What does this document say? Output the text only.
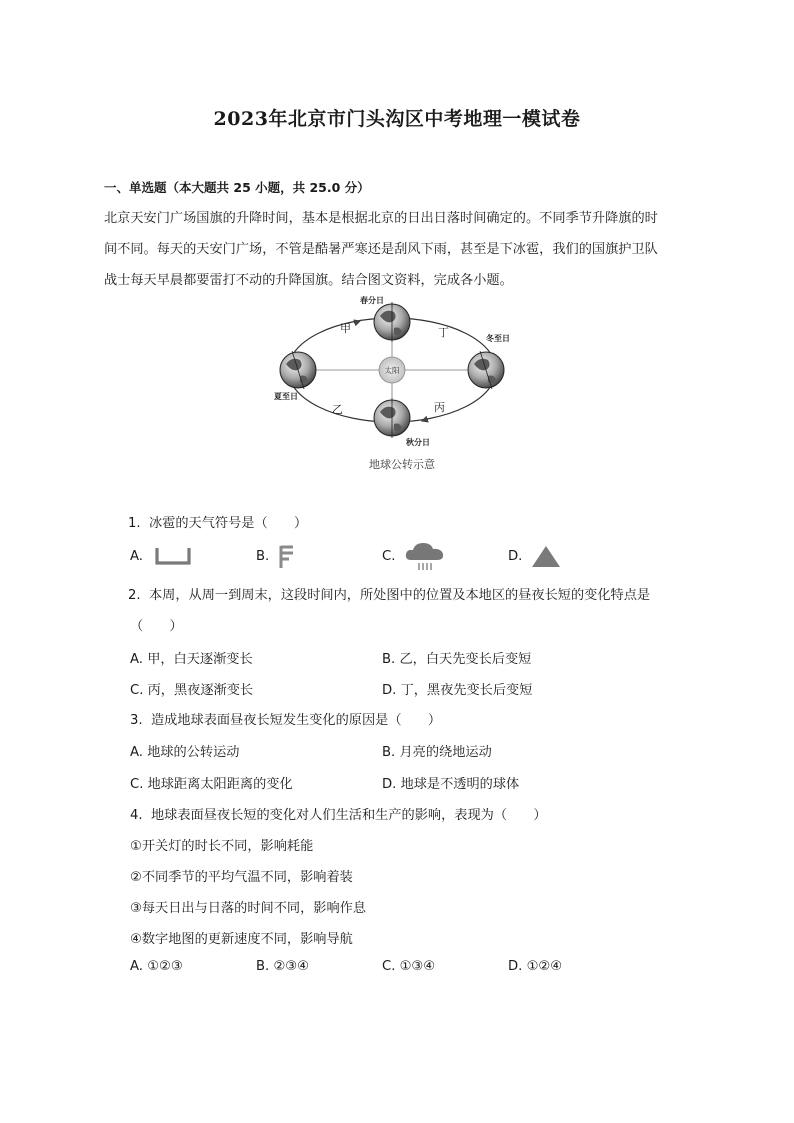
2023年北京市门头沟区中考地理一模试卷
一、单选题（本大题共 25 小题，共 25.0 分）
北京天安门广场国旗的升降时间，基本是根据北京的日出日落时间确定的。不同季节升降旗的时
间不同。每天的天安门广场，不管是酷暑严寒还是刮风下雨，甚至是下冰雹，我们的国旗护卫队
战士每天早晨都要雷打不动的升降国旗。结合图文资料，完成各小题。
太阳
春分日
冬至日
夏至日
秋分日
甲	丁
乙	丙
地球公转示意
1. 冰雹的天气符号是（　　）
A.	B.	C.	D.
2. 本周，从周一到周末，这段时间内，所处图中的位置及本地区的昼夜长短的变化特点是
（　　）
A. 甲，白天逐渐变长	B. 乙，白天先变长后变短
C. 丙，黑夜逐渐变长	D. 丁，黑夜先变长后变短
3. 造成地球表面昼夜长短发生变化的原因是（　　）
A. 地球的公转运动	B. 月亮的绕地运动
C. 地球距离太阳距离的变化	D. 地球是不透明的球体
4. 地球表面昼夜长短的变化对人们生活和生产的影响，表现为（　　）
①开关灯的时长不同，影响耗能
②不同季节的平均气温不同，影响着装
③每天日出与日落的时间不同，影响作息
④数字地图的更新速度不同，影响导航
A. ①②③	B. ②③④	C. ①③④	D. ①②④
